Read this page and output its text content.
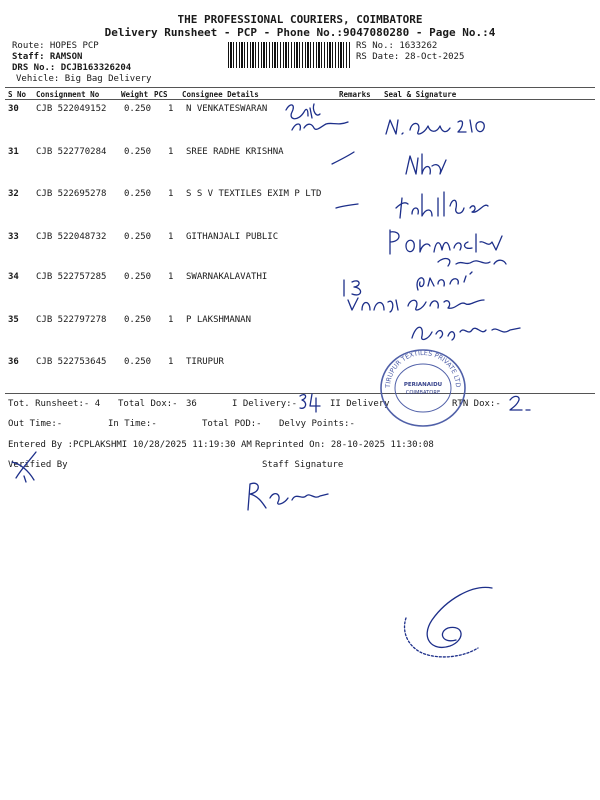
THE PROFESSIONAL COURIERS, COIMBATORE
Delivery Runsheet - PCP - Phone No.:9047080280 - Page No.:4
Route: HOPES PCP
Staff: RAMSON
DRS No.: DCJB163326204
Vehicle: Big Bag Delivery
RS No.: 1633262
RS Date: 28-Oct-2025
S No Consignment No	Weight PCS Consignee Details	Remarks Seal & Signature
30 CJB 522049152 0.250 1 N VENKATESWARAN
31 CJB 522770284 0.250 1 SREE RADHE KRISHNA
32 CJB 522695278 0.250 1 S S V TEXTILES EXIM P LTD
33 CJB 522048732 0.250 1 GITHANJALI PUBLIC
34 CJB 522757285 0.250 1 SWARNAKALAVATHI
35 CJB 522797278 0.250 1 P LAKSHMANAN
36 CJB 522753645 0.250 1 TIRUPUR
Tot. Runsheet:- 4 Total Dox:- 36	I Delivery:-	II Delivery	RTN Dox:-
Out Time:-	In Time:-	Total POD:- Delvy Points:-
Entered By :PCPLAKSHMI 10/28/2025 11:19:30 AM Reprinted On: 28-10-2025 11:30:08
Verified By	Staff Signature
TIRUPUR TEXTILES PRIVATE LTD
PERIANAIDU
COIMBATORE
